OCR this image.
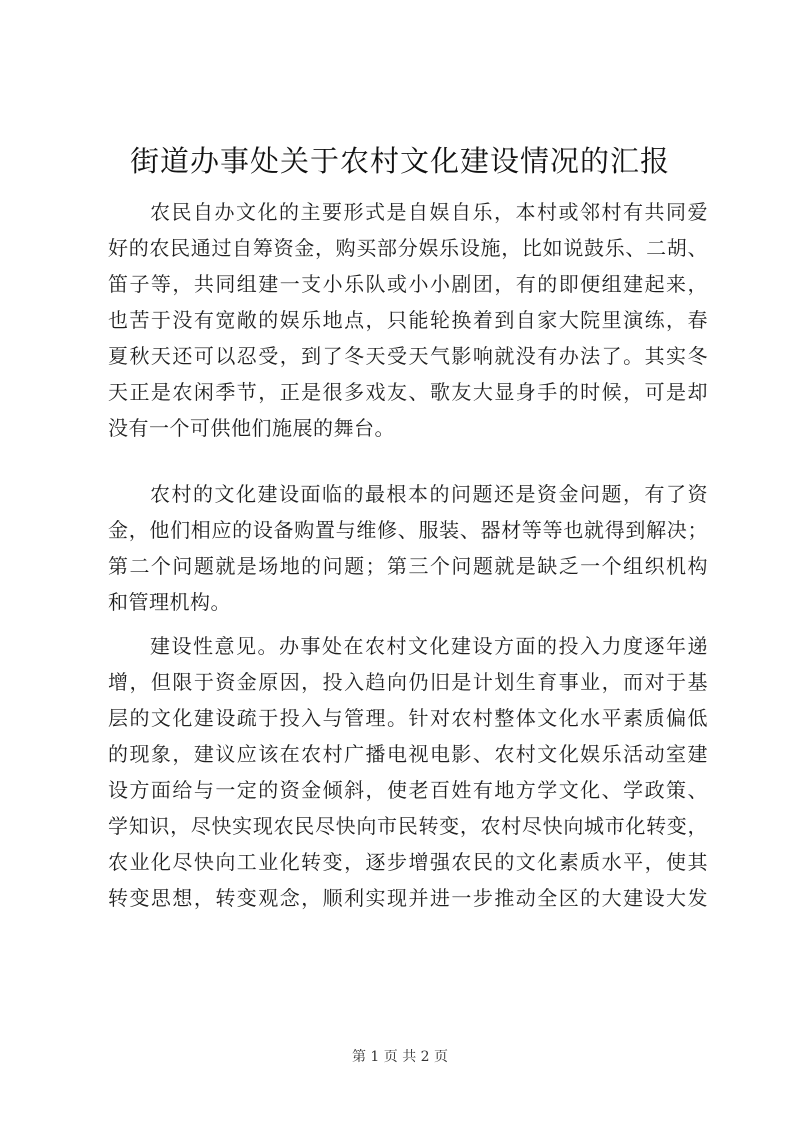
街道办事处关于农村文化建设情况的汇报
农民自办文化的主要形式是自娱自乐，本村或邻村有共同爱
好的农民通过自筹资金，购买部分娱乐设施，比如说鼓乐、二胡、
笛子等，共同组建一支小乐队或小小剧团，有的即便组建起来，
也苦于没有宽敞的娱乐地点，只能轮换着到自家大院里演练，春
夏秋天还可以忍受，到了冬天受天气影响就没有办法了。其实冬
天正是农闲季节，正是很多戏友、歌友大显身手的时候，可是却
没有一个可供他们施展的舞台。
农村的文化建设面临的最根本的问题还是资金问题，有了资
金，他们相应的设备购置与维修、服装、器材等等也就得到解决；
第二个问题就是场地的问题；第三个问题就是缺乏一个组织机构
和管理机构。
建设性意见。办事处在农村文化建设方面的投入力度逐年递
增，但限于资金原因，投入趋向仍旧是计划生育事业，而对于基
层的文化建设疏于投入与管理。针对农村整体文化水平素质偏低
的现象，建议应该在农村广播电视电影、农村文化娱乐活动室建
设方面给与一定的资金倾斜，使老百姓有地方学文化、学政策、
学知识，尽快实现农民尽快向市民转变，农村尽快向城市化转变，
农业化尽快向工业化转变，逐步增强农民的文化素质水平，使其
转变思想，转变观念，顺利实现并进一步推动全区的大建设大发
第 1 页 共 2 页
